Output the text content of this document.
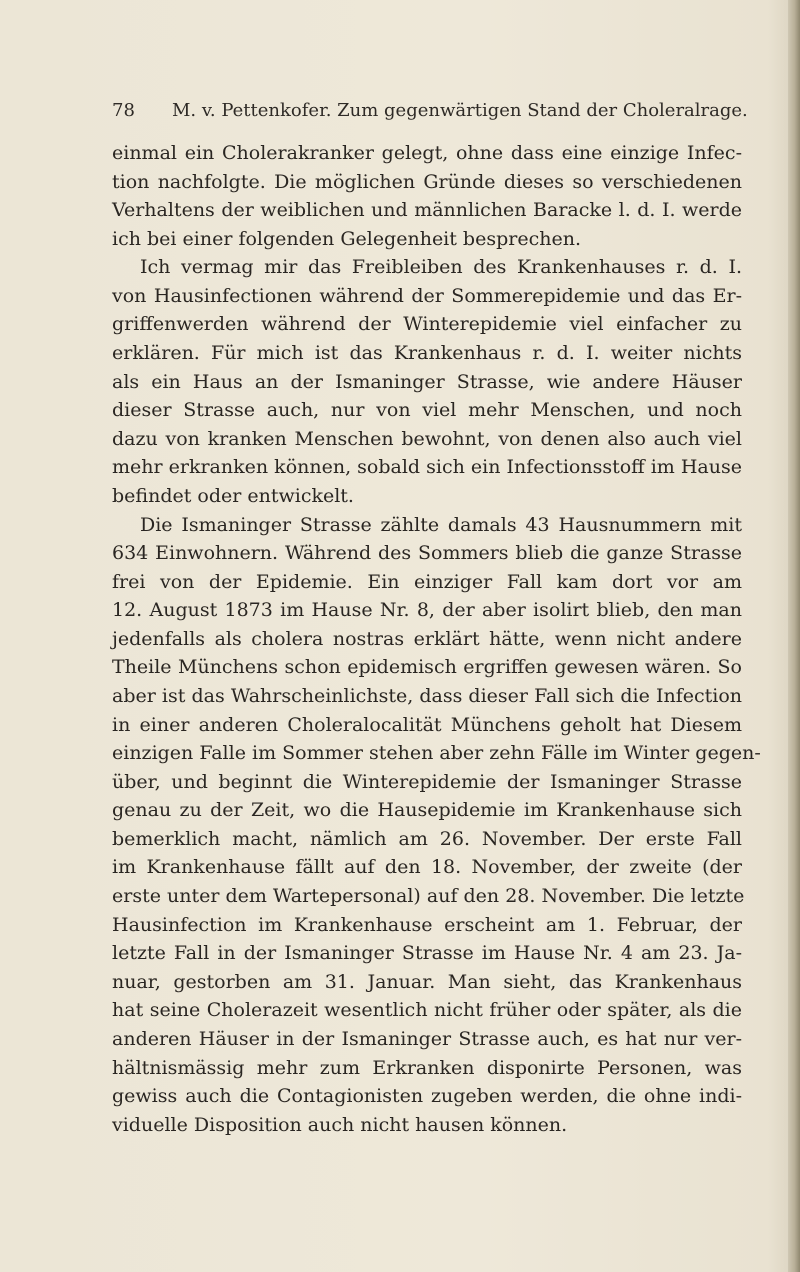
78 M. v. Pettenkofer. Zum gegenwärtigen Stand der Choleralrage.
einmal ein Cholerakranker gelegt, ohne dass eine einzige Infec-
tion nachfolgte. Die möglichen Gründe dieses so verschiedenen
Verhaltens der weiblichen und männlichen Baracke l. d. I. werde
ich bei einer folgenden Gelegenheit besprechen.
Ich vermag mir das Freibleiben des Krankenhauses r. d. I.
von Hausinfectionen während der Sommerepidemie und das Er-
griffenwerden während der Winterepidemie viel einfacher zu
erklären. Für mich ist das Krankenhaus r. d. I. weiter nichts
als ein Haus an der Ismaninger Strasse, wie andere Häuser
dieser Strasse auch, nur von viel mehr Menschen, und noch
dazu von kranken Menschen bewohnt, von denen also auch viel
mehr erkranken können, sobald sich ein Infectionsstoff im Hause
befindet oder entwickelt.
Die Ismaninger Strasse zählte damals 43 Hausnummern mit
634 Einwohnern. Während des Sommers blieb die ganze Strasse
frei von der Epidemie. Ein einziger Fall kam dort vor am
12. August 1873 im Hause Nr. 8, der aber isolirt blieb, den man
jedenfalls als cholera nostras erklärt hätte, wenn nicht andere
Theile Münchens schon epidemisch ergriffen gewesen wären. So
aber ist das Wahrscheinlichste, dass dieser Fall sich die Infection
in einer anderen Choleralocalität Münchens geholt hat Diesem
einzigen Falle im Sommer stehen aber zehn Fälle im Winter gegen-
über, und beginnt die Winterepidemie der Ismaninger Strasse
genau zu der Zeit, wo die Hausepidemie im Krankenhause sich
bemerklich macht, nämlich am 26. November. Der erste Fall
im Krankenhause fällt auf den 18. November, der zweite (der
erste unter dem Wartepersonal) auf den 28. November. Die letzte
Hausinfection im Krankenhause erscheint am 1. Februar, der
letzte Fall in der Ismaninger Strasse im Hause Nr. 4 am 23. Ja-
nuar, gestorben am 31. Januar. Man sieht, das Krankenhaus
hat seine Cholerazeit wesentlich nicht früher oder später, als die
anderen Häuser in der Ismaninger Strasse auch, es hat nur ver-
hältnismässig mehr zum Erkranken disponirte Personen, was
gewiss auch die Contagionisten zugeben werden, die ohne indi-
viduelle Disposition auch nicht hausen können.
